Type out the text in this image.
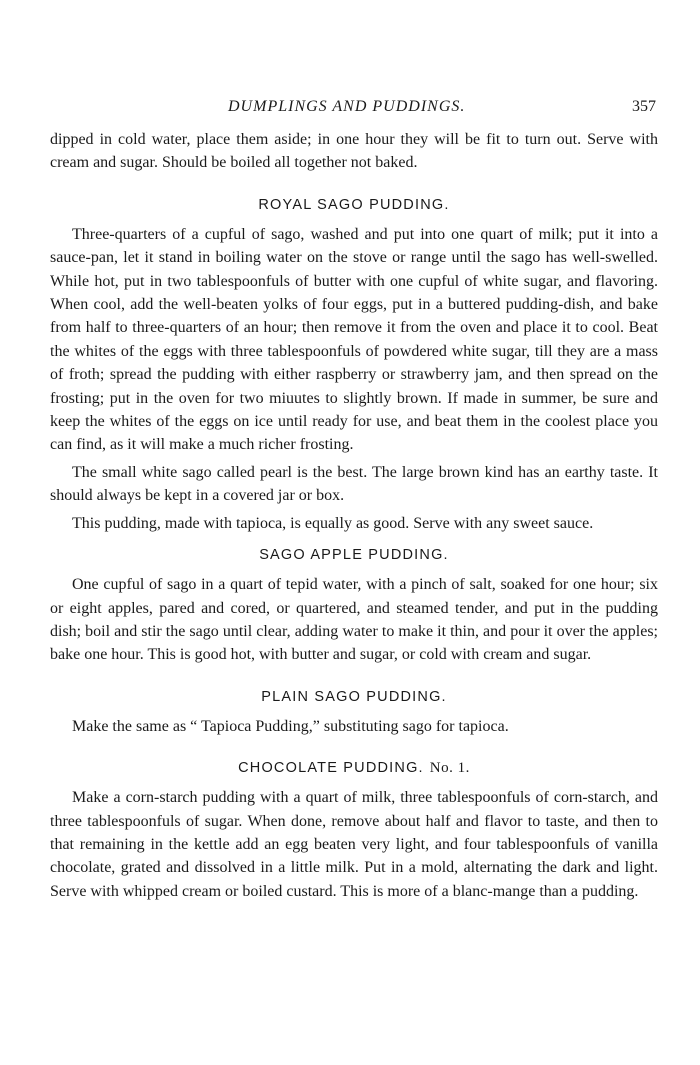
DUMPLINGS AND PUDDINGS.	357

dipped in cold water, place them aside; in one hour they will be fit to turn out. Serve with cream and sugar. Should be boiled all together not baked.

ROYAL SAGO PUDDING.

Three-quarters of a cupful of sago, washed and put into one quart of milk; put it into a sauce-pan, let it stand in boiling water on the stove or range until the sago has well-swelled. While hot, put in two tablespoonfuls of butter with one cupful of white sugar, and flavoring. When cool, add the well-beaten yolks of four eggs, put in a buttered pudding-dish, and bake from half to three-quarters of an hour; then remove it from the oven and place it to cool. Beat the whites of the eggs with three tablespoonfuls of powdered white sugar, till they are a mass of froth; spread the pudding with either raspberry or strawberry jam, and then spread on the frosting; put in the oven for two miuutes to slightly brown. If made in summer, be sure and keep the whites of the eggs on ice until ready for use, and beat them in the coolest place you can find, as it will make a much richer frosting.

The small white sago called pearl is the best. The large brown kind has an earthy taste. It should always be kept in a covered jar or box.

This pudding, made with tapioca, is equally as good. Serve with any sweet sauce.

SAGO APPLE PUDDING.

One cupful of sago in a quart of tepid water, with a pinch of salt, soaked for one hour; six or eight apples, pared and cored, or quartered, and steamed tender, and put in the pudding dish; boil and stir the sago until clear, adding water to make it thin, and pour it over the apples; bake one hour. This is good hot, with butter and sugar, or cold with cream and sugar.

PLAIN SAGO PUDDING.

Make the same as “ Tapioca Pudding,” substituting sago for tapioca.

CHOCOLATE PUDDING. No. 1.

Make a corn-starch pudding with a quart of milk, three tablespoonfuls of corn-starch, and three tablespoonfuls of sugar. When done, remove about half and flavor to taste, and then to that remaining in the kettle add an egg beaten very light, and four tablespoonfuls of vanilla chocolate, grated and dissolved in a little milk. Put in a mold, alternating the dark and light. Serve with whipped cream or boiled custard. This is more of a blanc-mange than a pudding.
